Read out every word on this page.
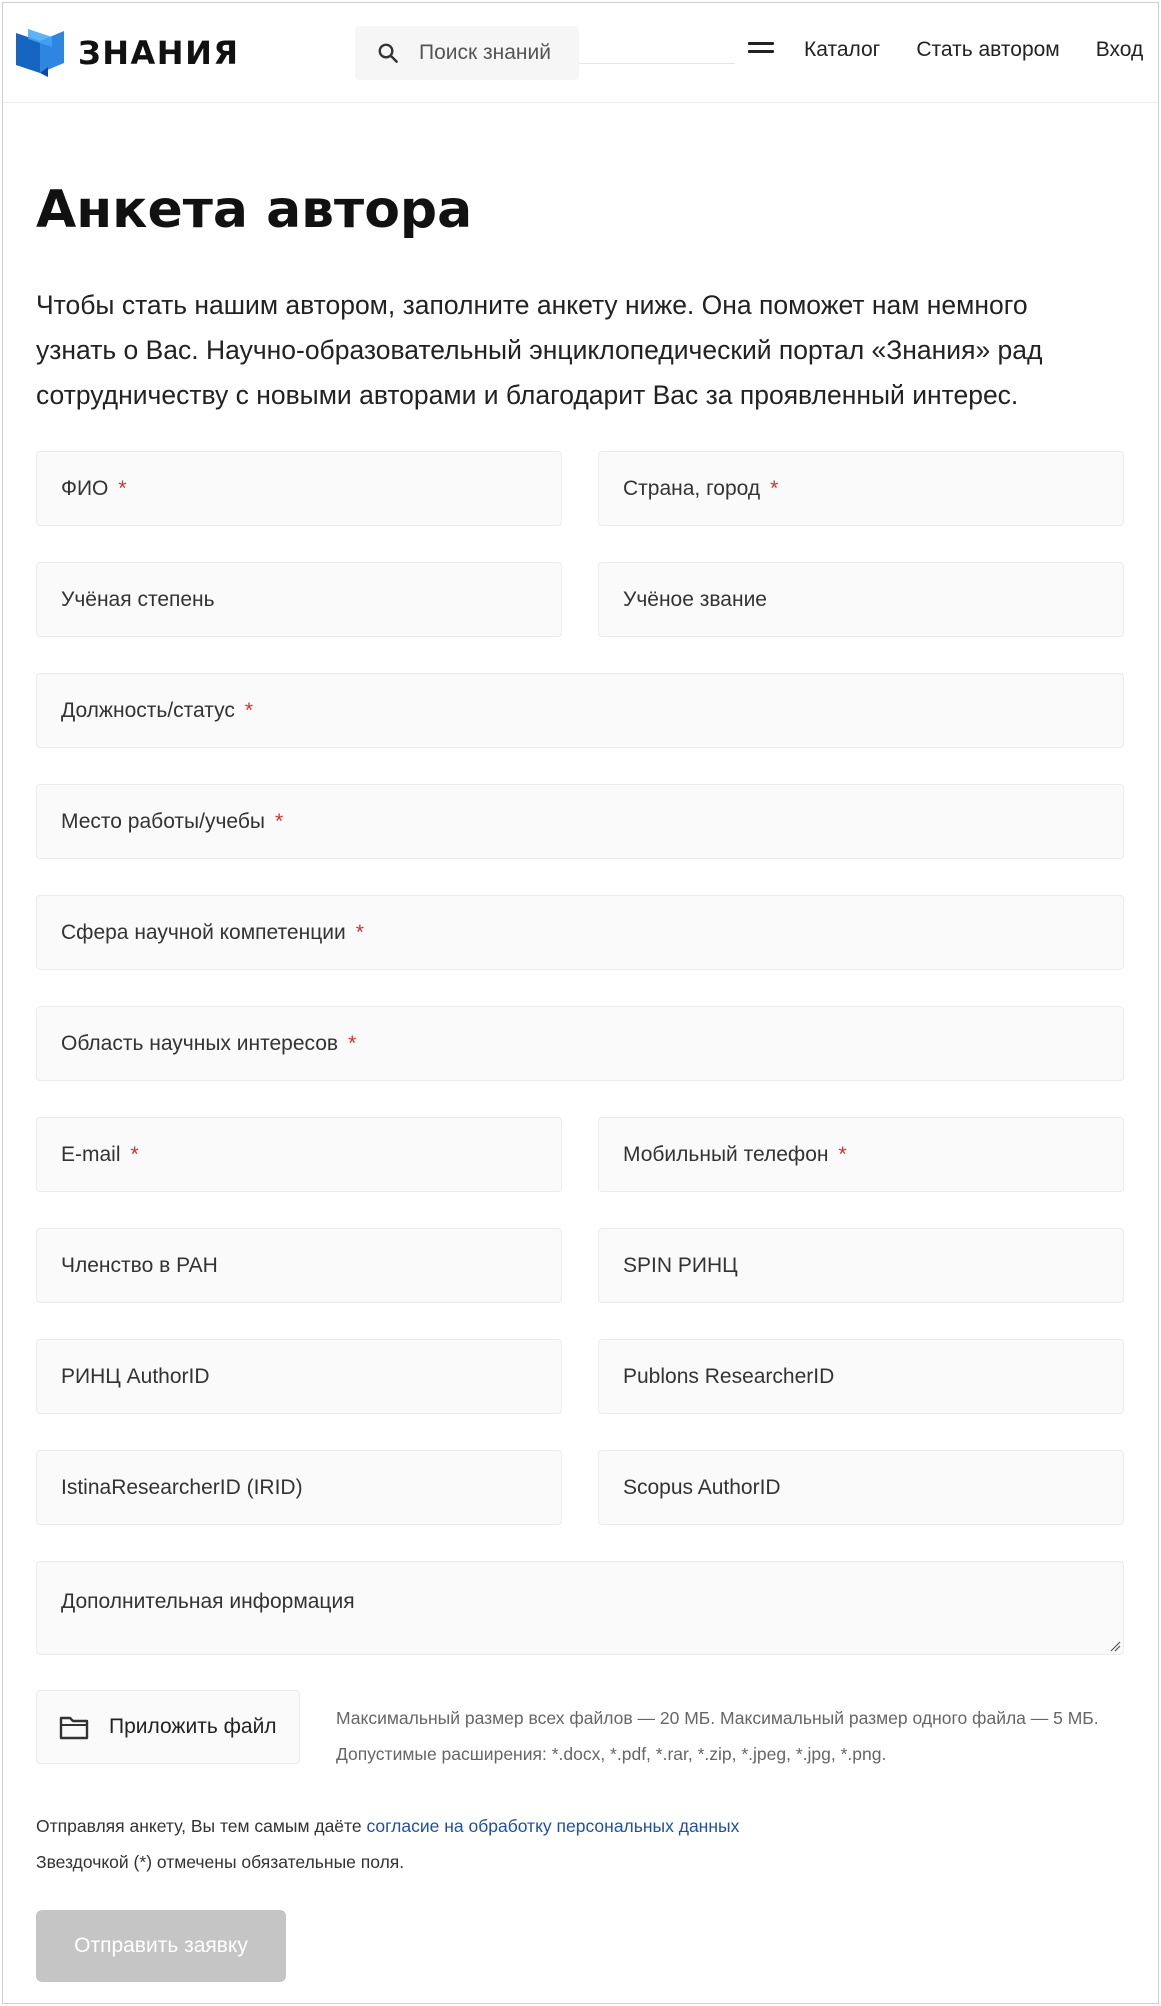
ЗНАНИЯ
Поиск знаний	Каталог Стать автором Вход
Анкета автора

Чтобы стать нашим автором, заполните анкету ниже. Она поможет нам немного узнать о Вас. Научно-образовательный энциклопедический портал «Знания» рад сотрудничеству с новыми авторами и благодарит Вас за проявленный интерес.

ФИО *	Страна, город *
Учёная степень	Учёное звание
Должность/статус *
Место работы/учебы *
Сфера научной компетенции *
Область научных интересов *
E-mail *	Мобильный телефон *
Членство в РАН	SPIN РИНЦ
РИНЦ AuthorID	Publons ResearcherID
IstinaResearcherID (IRID)	Scopus AuthorID
Дополнительная информация
Приложить файл	Максимальный размер всех файлов — 20 МБ. Максимальный размер одного файла — 5 МБ.
Допустимые расширения: *.docx, *.pdf, *.rar, *.zip, *.jpeg, *.jpg, *.png.
Отправляя анкету, Вы тем самым даёте согласие на обработку персональных данных
Звездочкой (*) отмечены обязательные поля.
Отправить заявку
